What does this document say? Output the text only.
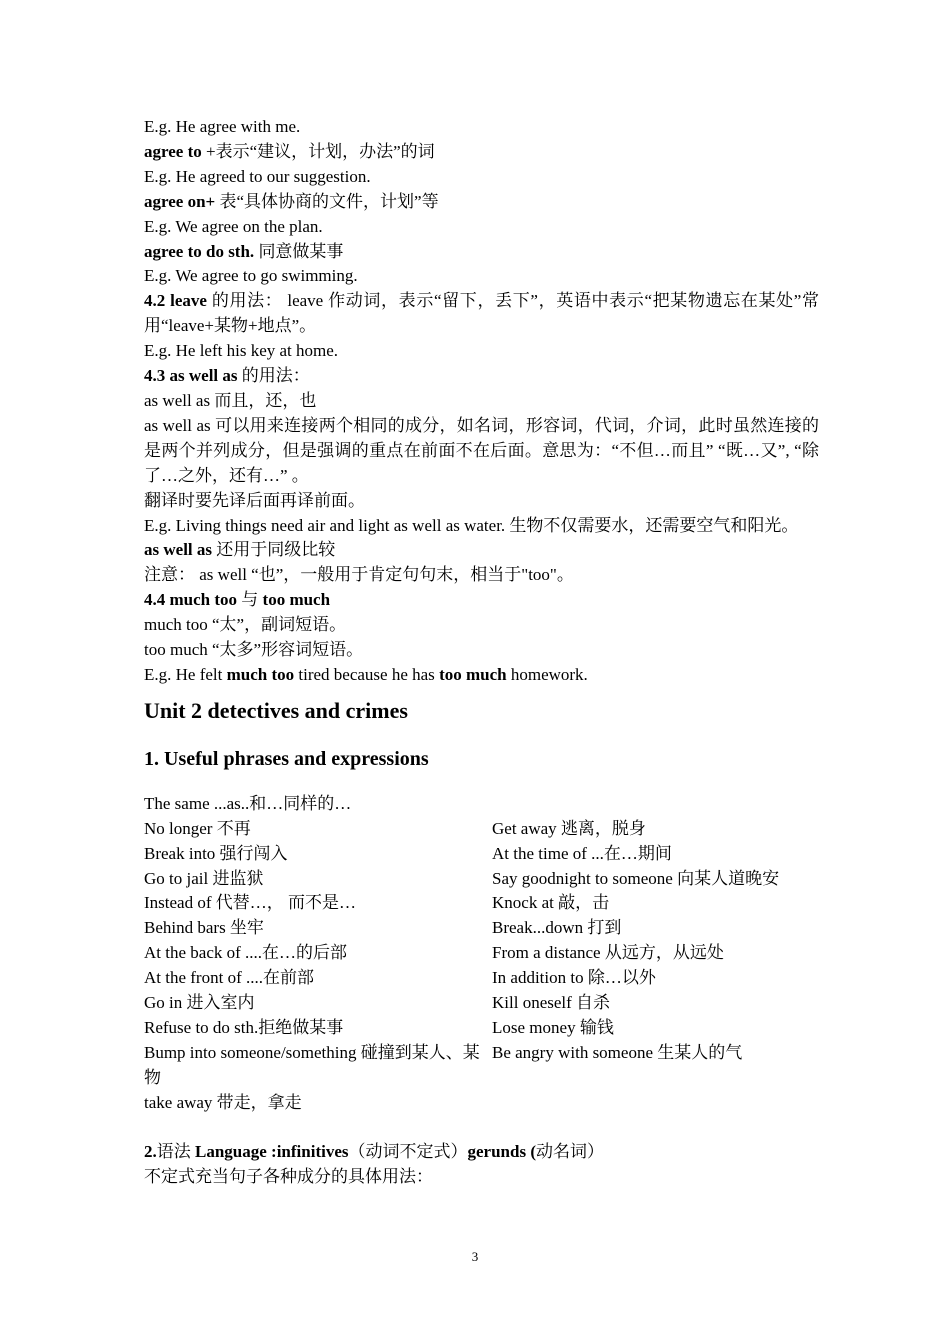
E.g. He agree with me.

agree to +表示“建议，计划，办法”的词

E.g. He agreed to our suggestion.

agree on+ 表“具体协商的文件，计划”等

E.g. We agree on the plan.

agree to do sth. 同意做某事

E.g. We agree to go swimming.

4.2 leave 的用法： leave 作动词，表示“留下，丢下”，英语中表示“把某物遗忘在某处”常用“leave+某物+地点”。

E.g. He left his key at home.

4.3 as well as 的用法：

as well as 而且，还，也

as well as 可以用来连接两个相同的成分，如名词，形容词，代词，介词，此时虽然连接的是两个并列成分，但是强调的重点在前面不在后面。意思为：“不但…而且” “既…又”, “除了…之外，还有…” 。

翻译时要先译后面再译前面。

E.g. Living things need air and light as well as water. 生物不仅需要水，还需要空气和阳光。

as well as 还用于同级比较

注意： as well “也”，一般用于肯定句句末，相当于"too"。

4.4 much too 与 too much

much too “太”，副词短语。

too much “太多”形容词短语。

E.g. He felt much too tired because he has too much homework.

Unit 2 detectives and crimes
1. Useful phrases and expressions

The same ...as..和…同样的…

No longer 不再

Break into 强行闯入

Go to jail 进监狱

Instead of 代替…， 而不是…

Behind bars 坐牢

At the back of ....在…的后部

At the front of ....在前部

Go in 进入室内

Refuse to do sth.拒绝做某事

Bump into someone/something 碰撞到某人、某物

take away 带走，拿走

Get away 逃离，脱身

At the time of ...在…期间

Say goodnight to someone 向某人道晚安

Knock at 敲，击

Break...down 打到

From a distance 从远方，从远处

In addition to 除…以外

Kill oneself 自杀

Lose money 输钱

Be angry with someone 生某人的气

2.语法 Language :infinitives（动词不定式）gerunds (动名词）

不定式充当句子各种成分的具体用法：

3
